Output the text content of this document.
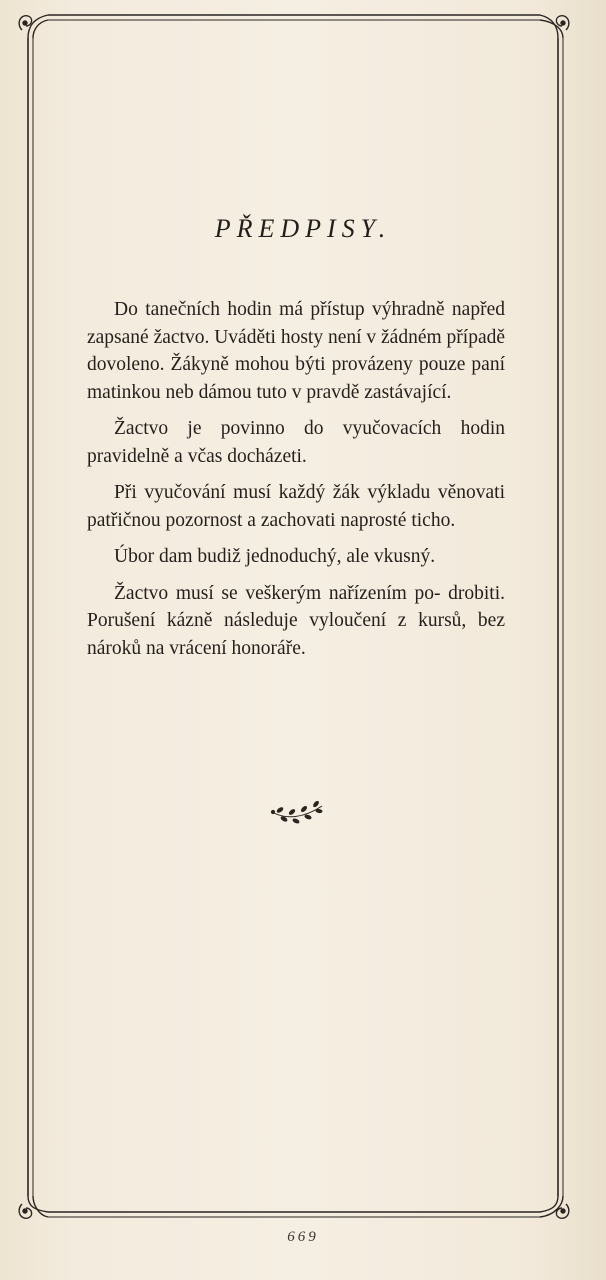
PŘEDPISY.

Do tanečních hodin má přístup výhradně napřed zapsané žactvo. Uváděti hosty není v žádném případě dovoleno. Žákyně mohou býti provázeny pouze paní matinkou neb dámou tuto v pravdě zastávající.

Žactvo je povinno do vyučovacích hodin pravidelně a včas docházeti.

Při vyučování musí každý žák výkladu věnovati patřičnou pozornost a zachovati naprosté ticho.

Úbor dam budiž jednoduchý, ale vkusný.

Žactvo musí se veškerým nařízením po- drobiti. Porušení kázně následuje vyloučení z kursů, bez nároků na vrácení honoráře.

669
